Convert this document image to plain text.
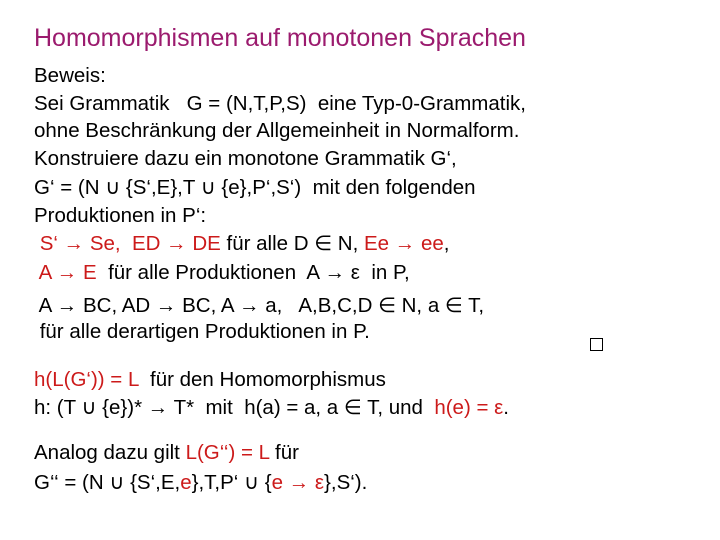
Homomorphismen auf monotonen Sprachen
Beweis:
Sei Grammatik   G = (N,T,P,S)  eine Typ-0-Grammatik,
ohne Beschränkung der Allgemeinheit in Normalform.
Konstruiere dazu ein monotone Grammatik G‘,
G‘ = (N ∪ {S‘,E},T ∪ {e},P‘,S‘)  mit den folgenden
Produktionen in P‘:
S‘ → Se,  ED → DE für alle D ∈ N, Ee → ee,
A → E  für alle Produktionen  A → ε  in P,
A → BC, AD → BC, A → a,   A,B,C,D ∈ N, a ∈ T,
für alle derartigen Produktionen in P.
h(L(G‘)) = L  für den Homomorphismus
h: (T ∪ {e})* → T*  mit  h(a) = a, a ∈ T, und  h(e) = ε.
Analog dazu gilt L(G‘‘) = L für
G‘‘ = (N ∪ {S‘,E,e},T,P‘ ∪ {e → ε},S‘).
